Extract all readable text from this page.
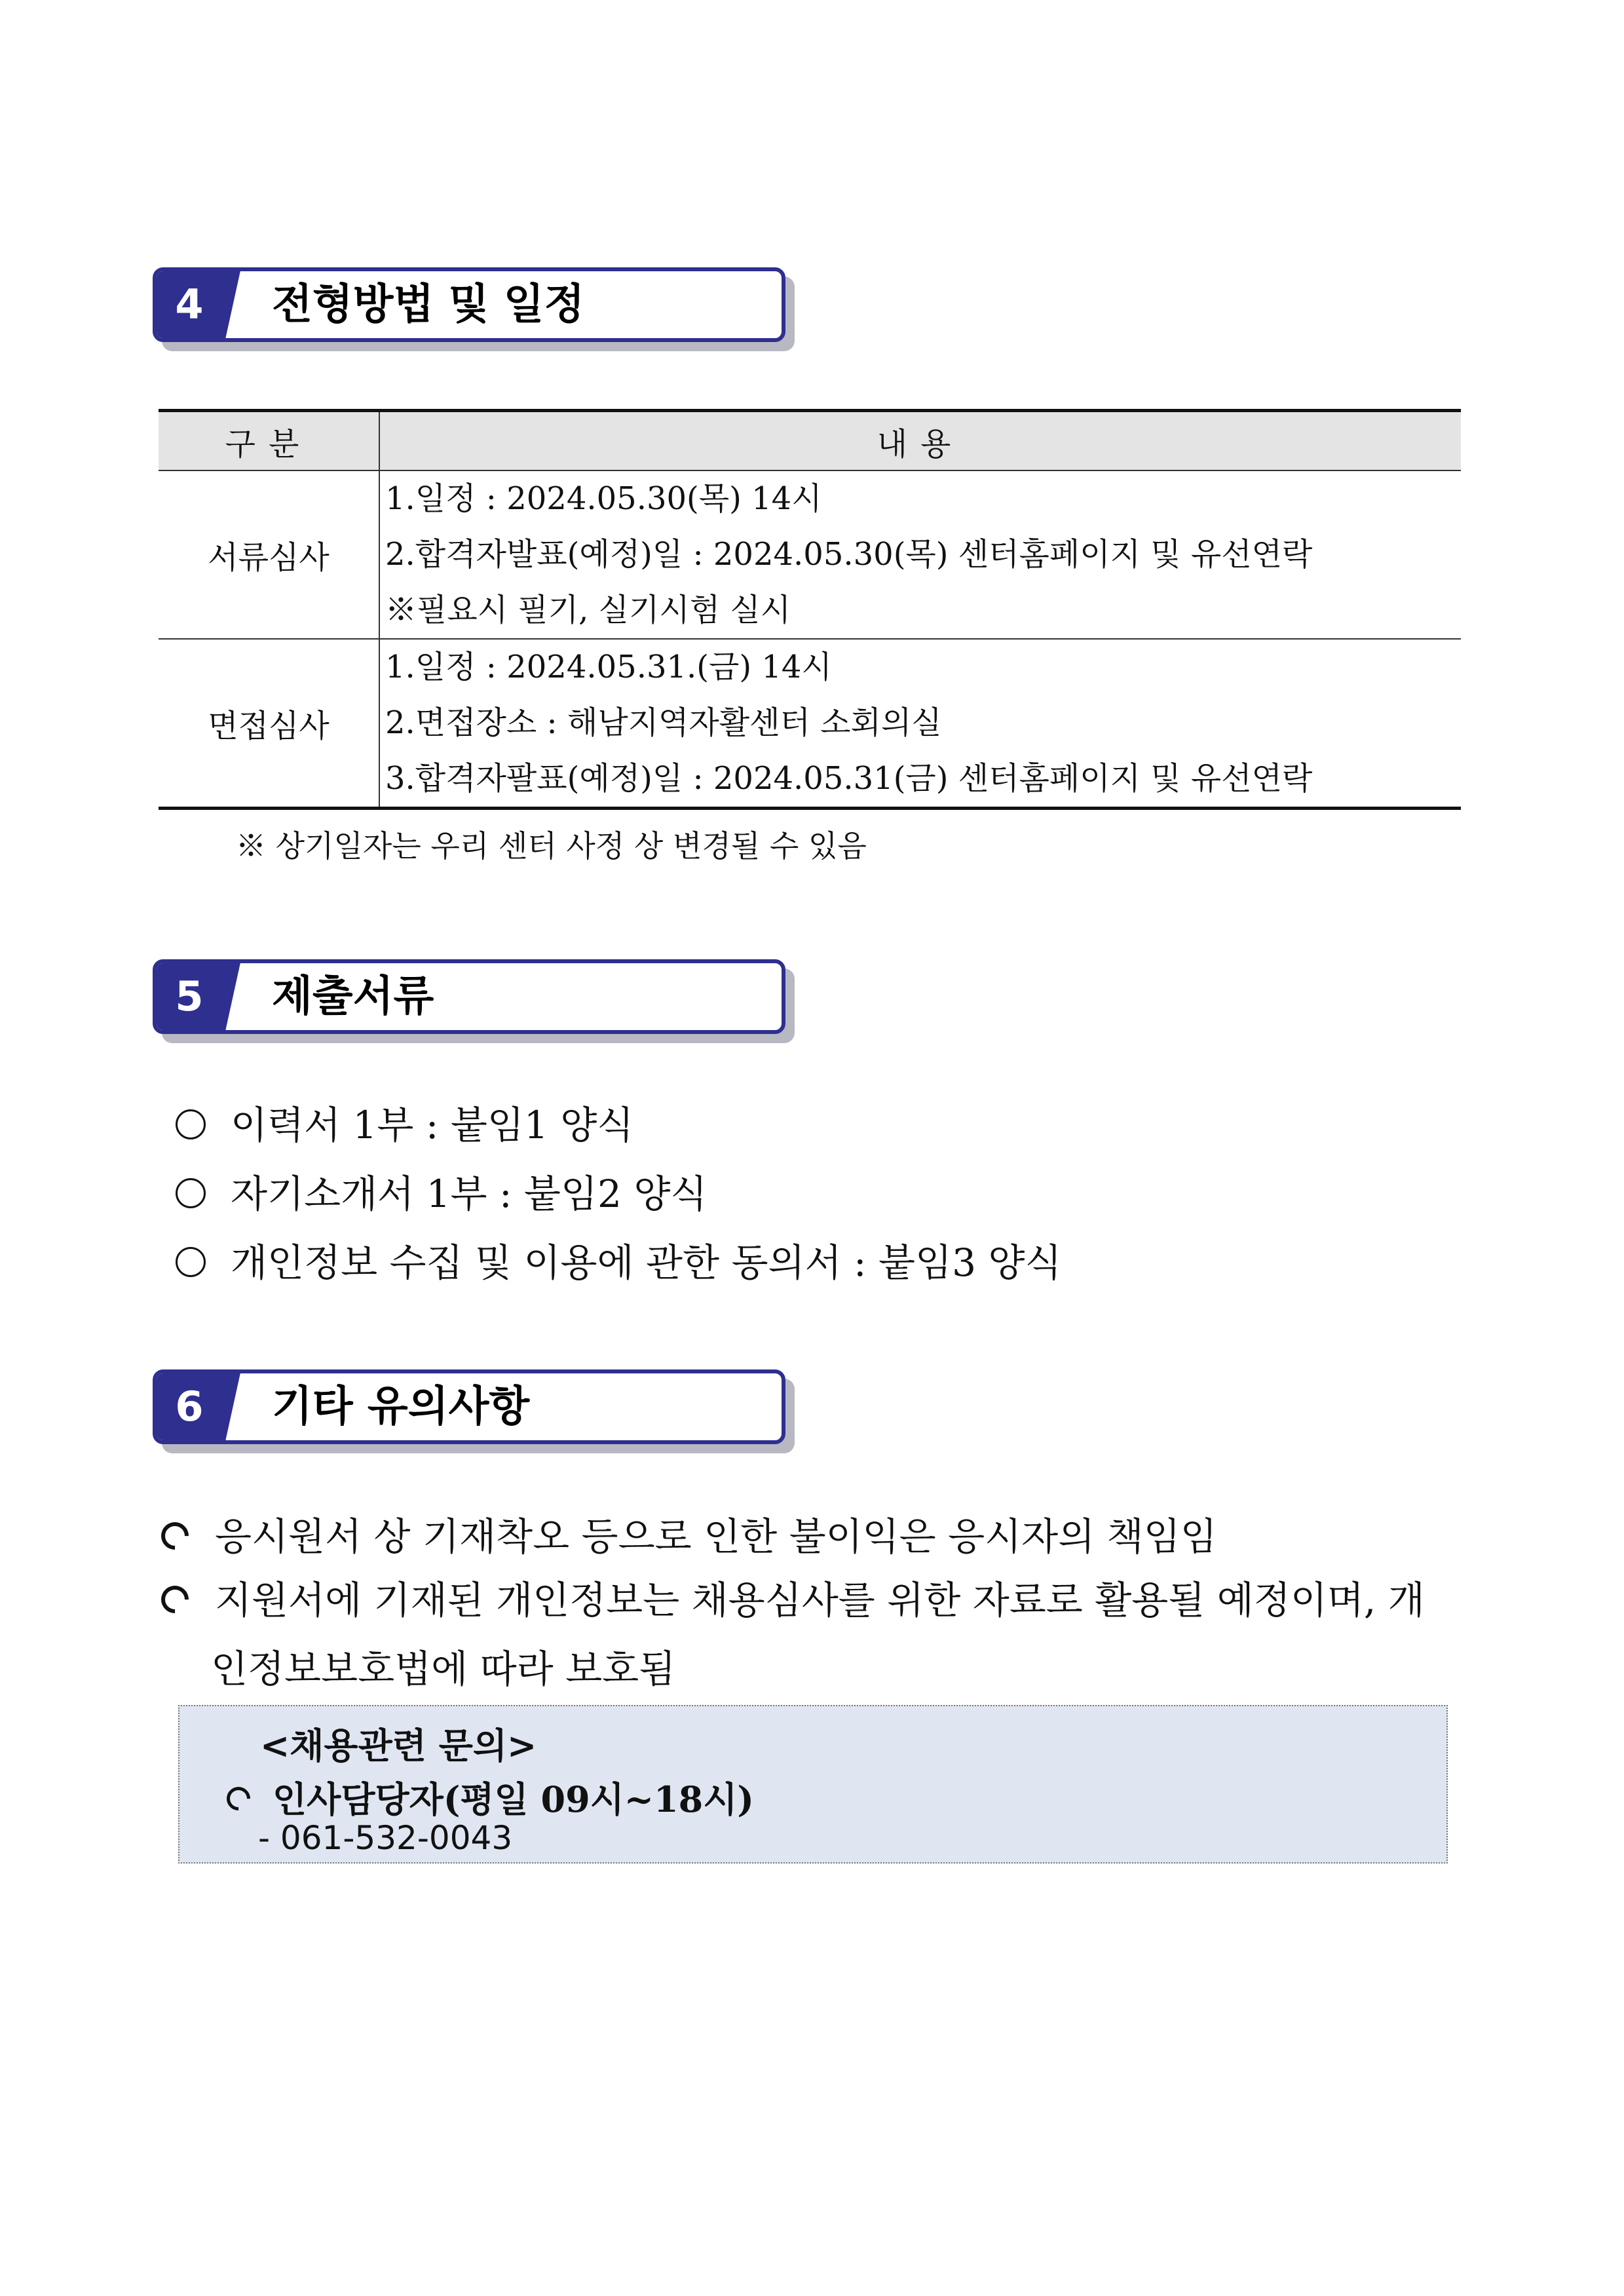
4	전형방법 및 일정
구분	내용
서류심사	1.일정 : 2024.05.30(목) 14시
2.합격자발표(예정)일 : 2024.05.30(목) 센터홈페이지 및 유선연락
※필요시 필기, 실기시험 실시

면접심사	1.일정 : 2024.05.31.(금) 14시
2.면접장소 : 해남지역자활센터 소회의실
3.합격자팔표(예정)일 : 2024.05.31(금) 센터홈페이지 및 유선연락
※ 상기일자는 우리 센터 사정 상 변경될 수 있음
5	제출서류
이력서 1부 : 붙임1 양식
자기소개서 1부 : 붙임2 양식
개인정보 수집 및 이용에 관한 동의서 : 붙임3 양식
6	기타 유의사항
응시원서 상 기재착오 등으로 인한 불이익은 응시자의 책임임
지원서에 기재된 개인정보는 채용심사를 위한 자료로 활용될 예정이며, 개
인정보보호법에 따라 보호됨
<채용관련 문의>
인사담당자(평일 09시~18시)
- 061-532-0043
